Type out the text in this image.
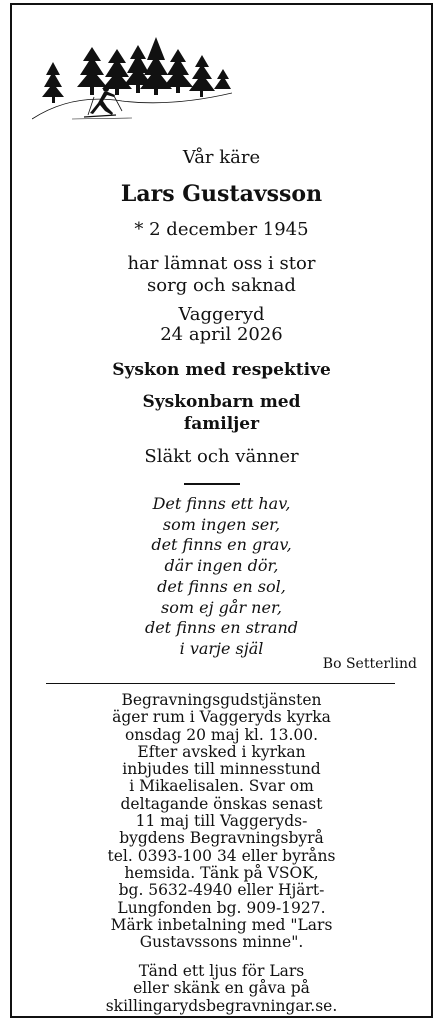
Vår käre
Lars Gustavsson
* 2 december 1945
har lämnat oss i stor
sorg och saknad
Vaggeryd
24 april 2026
Syskon med respektive
Syskonbarn med
familjer
Släkt och vänner
Det finns ett hav,
som ingen ser,
det finns en grav,
där ingen dör,
det finns en sol,
som ej går ner,
det finns en strand
i varje själ
Bo Setterlind
Begravningsgudstjänsten
äger rum i Vaggeryds kyrka
onsdag 20 maj kl. 13.00.
Efter avsked i kyrkan
inbjudes till minnesstund
i Mikaelisalen. Svar om
deltagande önskas senast
11 maj till Vaggeryds-
bygdens Begravningsbyrå
tel. 0393-100 34 eller byråns
hemsida. Tänk på VSOK,
bg. 5632-4940 eller Hjärt-
Lungfonden bg. 909-1927.
Märk inbetalning med "Lars
Gustavssons minne".
Tänd ett ljus för Lars
eller skänk en gåva på
skillingaryds​begravningar.se.
